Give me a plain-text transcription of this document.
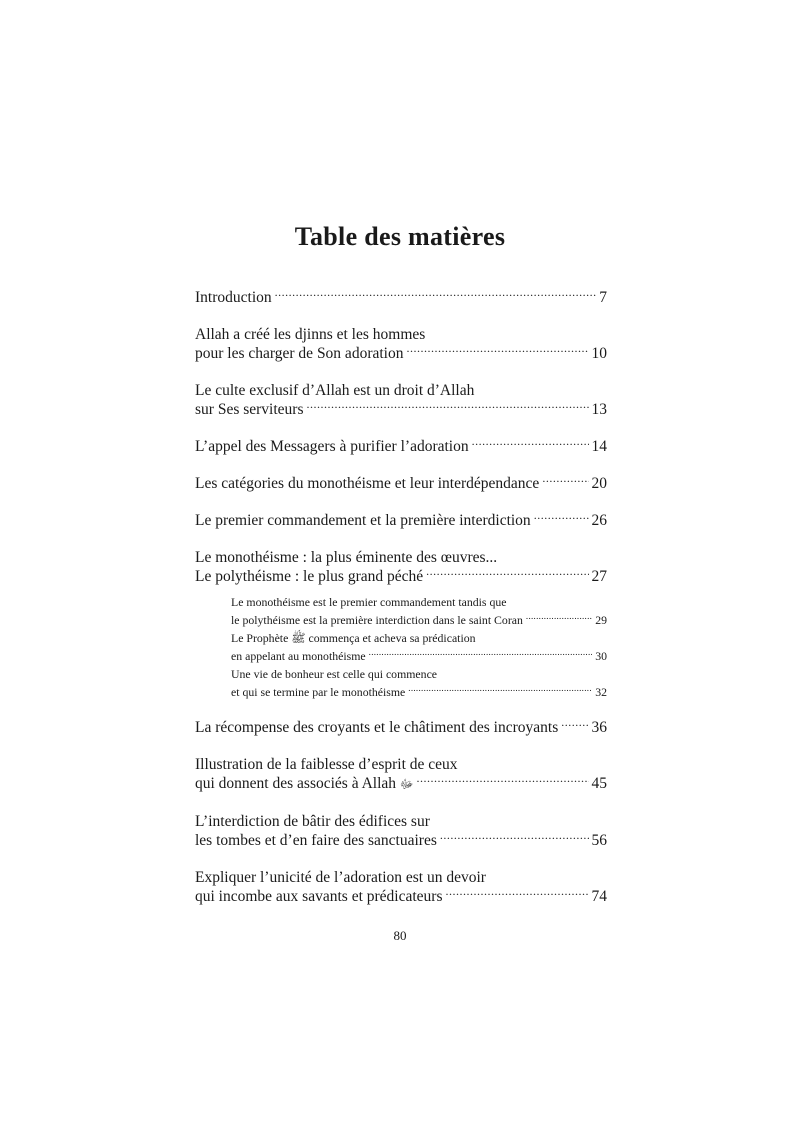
Table des matières
Introduction .....	7
Allah a créé les djinns et les hommes
pour les charger de Son adoration .....	10
Le culte exclusif d’Allah est un droit d’Allah
sur Ses serviteurs .....	13
L’appel des Messagers à purifier l’adoration .....	14
Les catégories du monothéisme et leur interdépendance .....	20
Le premier commandement et la première interdiction .....	26
Le monothéisme : la plus éminente des œuvres...
Le polythéisme : le plus grand péché .....	27
Le monothéisme est le premier commandement tandis que
le polythéisme est la première interdiction dans le saint Coran .....	29
Le Prophète ﷺ commença et acheva sa prédication
en appelant au monothéisme .....	30
Une vie de bonheur est celle qui commence
et qui se termine par le monothéisme .....	32
La récompense des croyants et le châtiment des incroyants ..... 36
Illustration de la faiblesse d’esprit de ceux
qui donnent des associés à Allah ﷻ .....	45
L’interdiction de bâtir des édifices sur
les tombes et d’en faire des sanctuaires .....	56
Expliquer l’unicité de l’adoration est un devoir
qui incombe aux savants et prédicateurs .....	74
80
